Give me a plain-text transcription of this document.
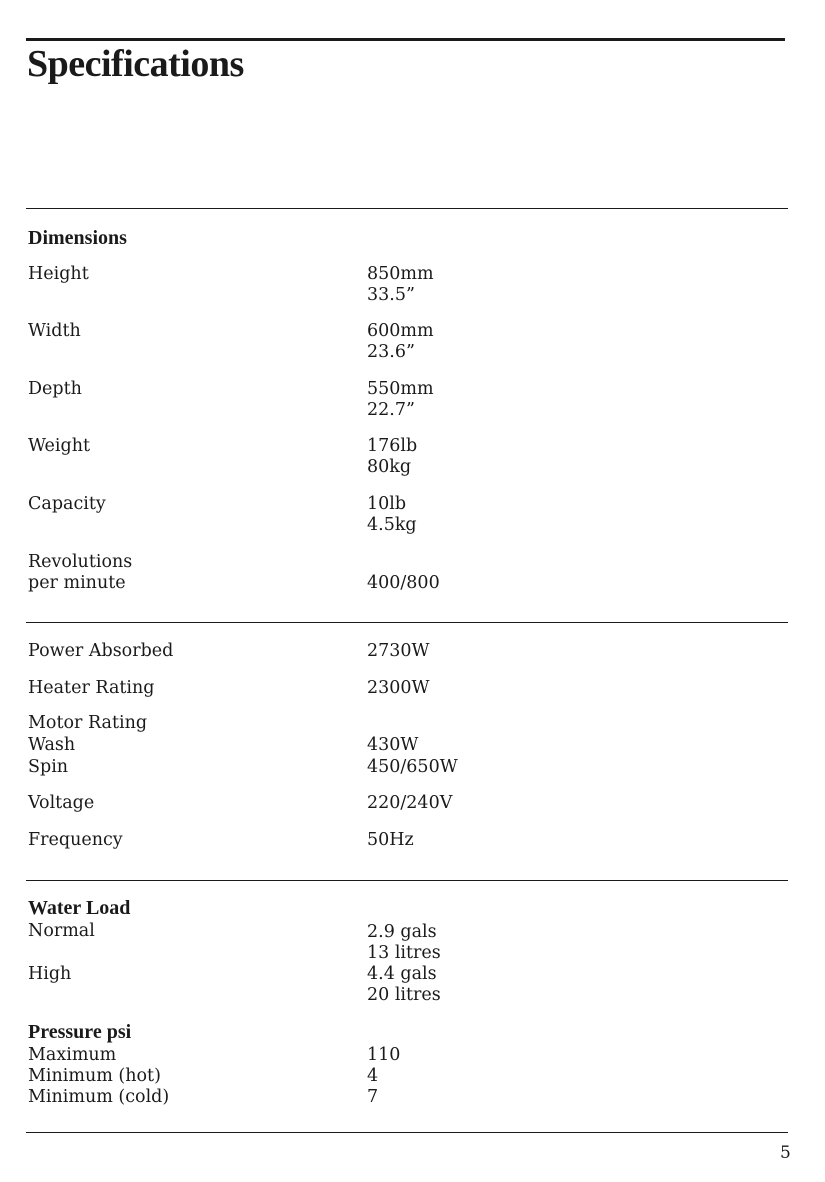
Specifications
Dimensions
Height	850mm
33.5”
Width	600mm
23.6”
Depth	550mm
22.7”
Weight	176lb
80kg
Capacity	10lb
4.5kg
Revolutions
per minute	400/800
Power Absorbed	2730W
Heater Rating	2300W
Motor Rating
Wash	430W
Spin	450/650W
Voltage	220/240V
Frequency	50Hz
Water Load
Normal	2.9 gals
13 litres
High	4.4 gals
20 litres
Pressure psi
Maximum	110
Minimum (hot)	4
Minimum (cold)	7
5
